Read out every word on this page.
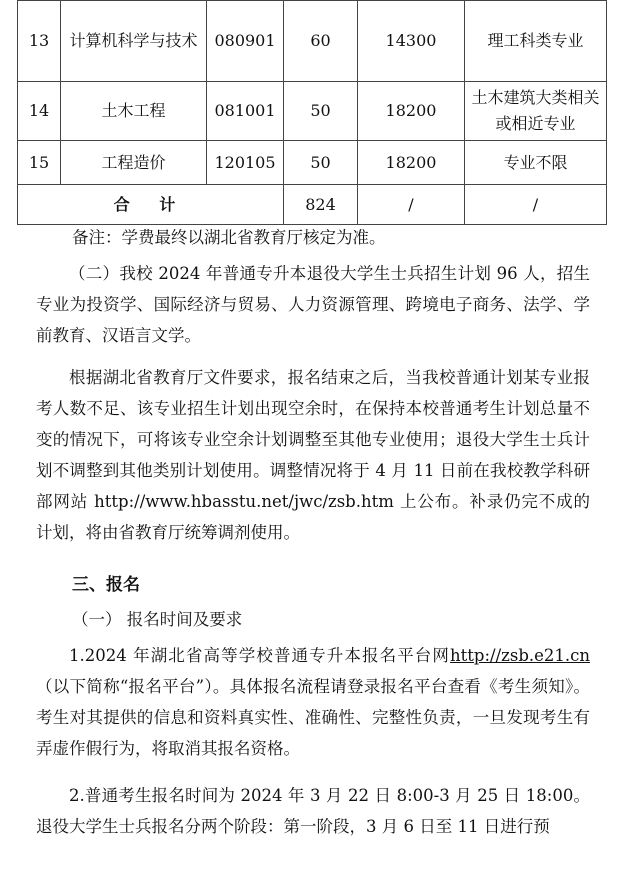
13	计算机科学与技术	080901	60	14300	理工科类专业
14	土木工程	081001	50	18200	土木建筑大类相关或相近专业
15	工程造价	120105	50	18200	专业不限
合 计			824	/	/

备注：学费最终以湖北省教育厅核定为准。

（二）我校 2024 年普通专升本退役大学生士兵招生计划 96 人，招生专业为投资学、国际经济与贸易、人力资源管理、跨境电子商务、法学、学前教育、汉语言文学。

根据湖北省教育厅文件要求，报名结束之后，当我校普通计划某专业报考人数不足、该专业招生计划出现空余时，在保持本校普通考生计划总量不变的情况下，可将该专业空余计划调整至其他专业使用；退役大学生士兵计划不调整到其他类别计划使用。调整情况将于 4 月 11 日前在我校教学科研部网站 http://www.hbasstu.net/jwc/zsb.htm 上公布。补录仍完不成的计划，将由省教育厅统筹调剂使用。

三、报名

（一） 报名时间及要求

1.2024 年湖北省高等学校普通专升本报名平台网http://zsb.e21.cn（以下简称“报名平台”）。具体报名流程请登录报名平台查看《考生须知》。考生对其提供的信息和资料真实性、准确性、完整性负责，一旦发现考生有弄虚作假行为，将取消其报名资格。

2.普通考生报名时间为 2024 年 3 月 22 日 8:00-3 月 25 日 18:00。退役大学生士兵报名分两个阶段：第一阶段，3 月 6 日至 11 日进行预
